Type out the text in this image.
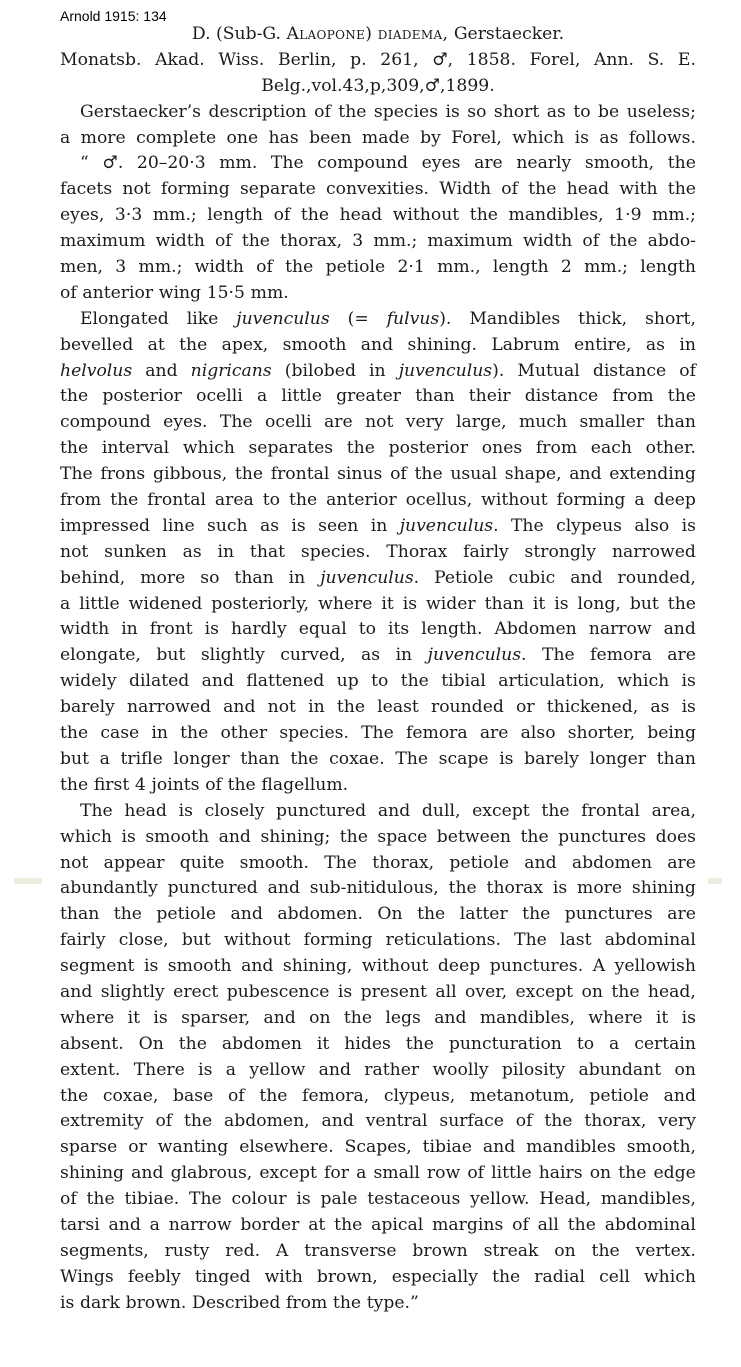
Arnold 1915: 134
D. (Sub-G. Alaopone) diadema, Gerstaecker.
Monatsb. Akad. Wiss. Berlin, p. 261, ♂, 1858. Forel, Ann. S. E.
Belg., vol. 43, p, 309, ♂, 1899.
Gerstaecker’s description of the species is so short as to be useless;
a more complete one has been made by Forel, which is as follows.
“ ♂. 20–20·3 mm. The compound eyes are nearly smooth, the
facets not forming separate convexities. Width of the head with the
eyes, 3·3 mm.; length of the head without the mandibles, 1·9 mm.;
maximum width of the thorax, 3 mm.; maximum width of the abdo-
men, 3 mm.; width of the petiole 2·1 mm., length 2 mm.; length
of anterior wing 15·5 mm.
Elongated like juvenculus (= fulvus). Mandibles thick, short,
bevelled at the apex, smooth and shining. Labrum entire, as in
helvolus and nigricans (bilobed in juvenculus). Mutual distance of
the posterior ocelli a little greater than their distance from the
compound eyes. The ocelli are not very large, much smaller than
the interval which separates the posterior ones from each other.
The frons gibbous, the frontal sinus of the usual shape, and extending
from the frontal area to the anterior ocellus, without forming a deep
impressed line such as is seen in juvenculus. The clypeus also is
not sunken as in that species. Thorax fairly strongly narrowed
behind, more so than in juvenculus. Petiole cubic and rounded,
a little widened posteriorly, where it is wider than it is long, but the
width in front is hardly equal to its length. Abdomen narrow and
elongate, but slightly curved, as in juvenculus. The femora are
widely dilated and flattened up to the tibial articulation, which is
barely narrowed and not in the least rounded or thickened, as is
the case in the other species. The femora are also shorter, being
but a trifle longer than the coxae. The scape is barely longer than
the first 4 joints of the flagellum.
The head is closely punctured and dull, except the frontal area,
which is smooth and shining; the space between the punctures does
not appear quite smooth. The thorax, petiole and abdomen are
abundantly punctured and sub-nitidulous, the thorax is more shining
than the petiole and abdomen. On the latter the punctures are
fairly close, but without forming reticulations. The last abdominal
segment is smooth and shining, without deep punctures. A yellowish
and slightly erect pubescence is present all over, except on the head,
where it is sparser, and on the legs and mandibles, where it is
absent. On the abdomen it hides the puncturation to a certain
extent. There is a yellow and rather woolly pilosity abundant on
the coxae, base of the femora, clypeus, metanotum, petiole and
extremity of the abdomen, and ventral surface of the thorax, very
sparse or wanting elsewhere. Scapes, tibiae and mandibles smooth,
shining and glabrous, except for a small row of little hairs on the edge
of the tibiae. The colour is pale testaceous yellow. Head, mandibles,
tarsi and a narrow border at the apical margins of all the abdominal
segments, rusty red. A transverse brown streak on the vertex.
Wings feebly tinged with brown, especially the radial cell which
is dark brown. Described from the type.”
